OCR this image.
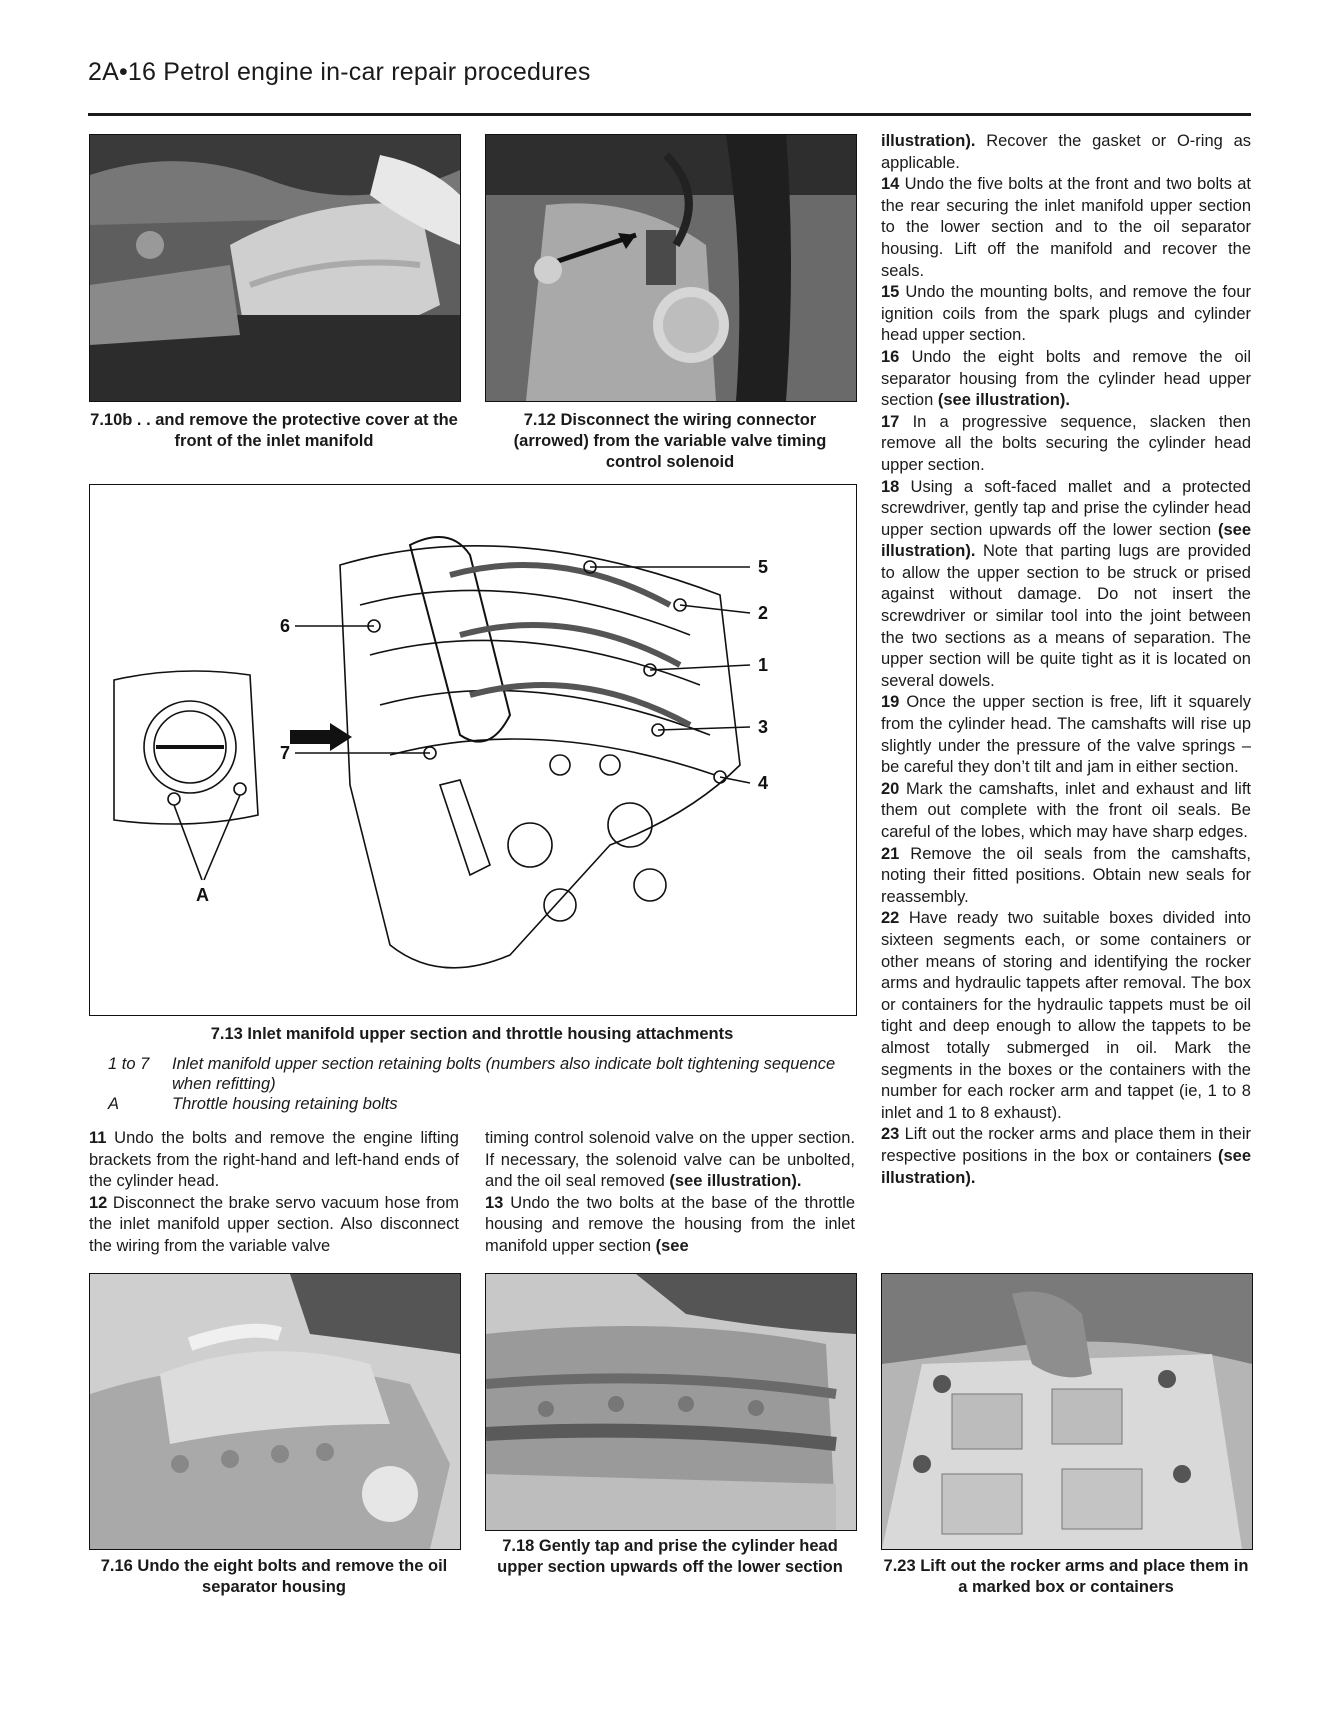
2A•16 Petrol engine in-car repair procedures
7.10b . . and remove the protective cover at the front of the inlet manifold
7.12 Disconnect the wiring connector (arrowed) from the variable valve timing control solenoid
5
2
1
3
4
6
7
A
7.13 Inlet manifold upper section and throttle housing attachments
1 to 7	Inlet manifold upper section retaining bolts (numbers also indicate bolt tightening sequence when refitting)
A	Throttle housing retaining bolts

11 Undo the bolts and remove the engine lifting brackets from the right-hand and left-hand ends of the cylinder head.

12 Disconnect the brake servo vacuum hose from the inlet manifold upper section. Also disconnect the wiring from the variable valve

timing control solenoid valve on the upper section. If necessary, the solenoid valve can be unbolted, and the oil seal removed (see illustration).

13 Undo the two bolts at the base of the throttle housing and remove the housing from the inlet manifold upper section (see

illustration). Recover the gasket or O-ring as applicable.

14 Undo the five bolts at the front and two bolts at the rear securing the inlet manifold upper section to the lower section and to the oil separator housing. Lift off the manifold and recover the seals.

15 Undo the mounting bolts, and remove the four ignition coils from the spark plugs and cylinder head upper section.

16 Undo the eight bolts and remove the oil separator housing from the cylinder head upper section (see illustration).

17 In a progressive sequence, slacken then remove all the bolts securing the cylinder head upper section.

18 Using a soft-faced mallet and a protected screwdriver, gently tap and prise the cylinder head upper section upwards off the lower section (see illustration). Note that parting lugs are provided to allow the upper section to be struck or prised against without damage. Do not insert the screwdriver or similar tool into the joint between the two sections as a means of separation. The upper section will be quite tight as it is located on several dowels.

19 Once the upper section is free, lift it squarely from the cylinder head. The camshafts will rise up slightly under the pressure of the valve springs – be careful they don’t tilt and jam in either section.

20 Mark the camshafts, inlet and exhaust and lift them out complete with the front oil seals. Be careful of the lobes, which may have sharp edges.

21 Remove the oil seals from the camshafts, noting their fitted positions. Obtain new seals for reassembly.

22 Have ready two suitable boxes divided into sixteen segments each, or some containers or other means of storing and identifying the rocker arms and hydraulic tappets after removal. The box or containers for the hydraulic tappets must be oil tight and deep enough to allow the tappets to be almost totally submerged in oil. Mark the segments in the boxes or the containers with the number for each rocker arm and tappet (ie, 1 to 8 inlet and 1 to 8 exhaust).

23 Lift out the rocker arms and place them in their respective positions in the box or containers (see illustration).

7.16 Undo the eight bolts and remove the oil separator housing
7.18 Gently tap and prise the cylinder head upper section upwards off the lower section	7.23 Lift out the rocker arms and place them in a marked box or containers
